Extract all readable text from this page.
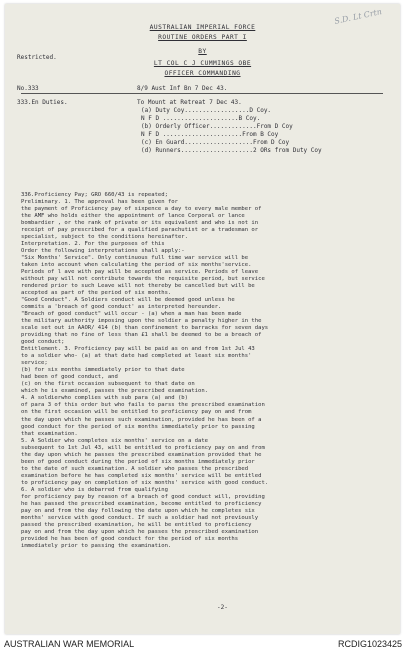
S.D. Lt Crtn
AUSTRALIAN IMPERIAL FORCE
ROUTINE ORDERS PART I
BY
LT COL C J CUMMINGS OBE
OFFICER COMMANDING
Restricted.
No.333	8/9 Aust Inf Bn 7 Dec 43.
333.En Duties.	To Mount at Retreat 7 Dec 43.
(a) Duty Coy..................D Coy.
N F D .....................B Coy.
(b) Orderly Officer.............From D Coy
N F D ......................From B Coy
(c) En Guard...................From D Coy
(d) Runners....................2 ORs from Duty Coy
336.Proficiency Pay; GRO 660/43 is repeated;
Preliminary. 1. The approval has been given for
the payment of Proficiency pay of sixpence a day to every male member of
the AMF who holds either the appointment of lance Corporal or lance
bombardier , or the rank of private or its equivalent and who is not in
receipt of pay prescribed for a qualified parachutist or a tradesman or
specialist, subject to the conditions hereinafter.
Interpretation. 2. For the purposes of this
Order the following interpretations shall apply:-
"Six Months' Service". Only continuous full time war service will be
taken into account when calculating the period of six months'service.
Periods of l ave with pay will be accepted as service. Periods of leave
without pay will not contribute towards the requisite period, but service
rendered prior to such Leave will not thereby be cancelled but will be
accepted as part of the period of six months.
"Good Conduct". A Soldiers conduct will be deemed good unless he
commits a 'breach of good conduct' as interpreted hereunder.
"Breach of good conduct" will occur - (a) when a man has been made
the military authority imposing upon the soldier a penalty higher in the
scale set out in AAOR/ 414 (b) than confinement to barracks for seven days
providing that no fine of less than £1 shall be deemed to be a breach of
good conduct;
Entitlement. 3. Proficiency pay will be paid as on and from 1st Jul 43
to a soldier who- (a) at that date had completed at least six months'
service;
(b) for six months immediately prior to that date
had been of good conduct, and
(c) on the first occasion subsequent to that date on
which he is examined, passes the prescribed examination.
4. A soldierwho complies with sub para (a) and (b)
of para 3 of this order but who fails to parss the prescribed examination
on the first occasion will be entitled to proficiency pay on and from
the day upon which he passes such examination, provided he has been of a
good conduct for the period of six months immediately prior to passing
that examination.
5. A Soldier who completes six months' service on a date
subsequent to 1st Jul 43, will be entitled to proficiency pay on and from
the day upon which he passes the prescribed examination provided that he
been of good conduct during the period of six months immediately prior
to the date of such examination. A soldier who passes the prescribed
examination before he has completed six months' service will be entitled
to proficiency pay on completion of six months' service with good conduct.
6. A soldier who is debarred from qualifying
for proficiency pay by reason of a breach of good conduct will, providing
he has passed the prescribed examination, become entitled to proficiency
pay on and from the day following the date upon which he completes six
months' service with good conduct. If such a soldier had not previously
passed the prescribed examination, he will be entitled to proficiency
pay on and from the day upon which he passes the prescribed examination
provided he has been of good conduct for the period of six months
immediately prior to passing the examination.
-2-
AUSTRALIAN WAR MEMORIAL	RCDIG1023425
